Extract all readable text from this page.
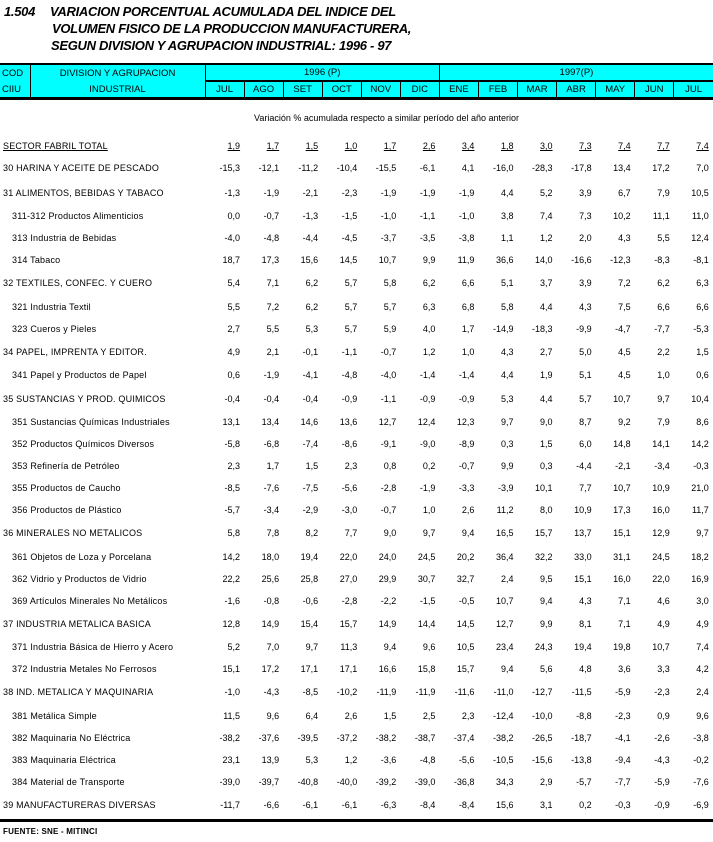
1.504 VARIACION PORCENTUAL ACUMULADA DEL INDICE DEL
VOLUMEN FISICO DE LA PRODUCCION MANUFACTURERA,
SEGUN DIVISION Y AGRUPACION INDUSTRIAL: 1996 - 97
COD	DIVISION Y AGRUPACION	1996 (P)						1997(P)						
CIIU	INDUSTRIAL	JUL	AGO	SET	OCT	NOV	DIC	ENE	FEB	MAR	ABR	MAY	JUN	JUL
Variación % acumulada respecto a similar período del año anterior
SECTOR FABRIL TOTAL	1,9	1,7	1,5	1,0	1,7	2,6	3,4	1,8	3,0	7,3	7,4	7,7	7,4
30 HARINA Y ACEITE DE PESCADO	-15,3	-12,1	-11,2	-10,4	-15,5	-6,1	4,1	-16,0	-28,3	-17,8	13,4	17,2	7,0
31 ALIMENTOS, BEBIDAS Y TABACO	-1,3	-1,9	-2,1	-2,3	-1,9	-1,9	-1,9	4,4	5,2	3,9	6,7	7,9	10,5
311-312 Productos Alimenticios	0,0	-0,7	-1,3	-1,5	-1,0	-1,1	-1,0	3,8	7,4	7,3	10,2	11,1	11,0
313 Industria de Bebidas	-4,0	-4,8	-4,4	-4,5	-3,7	-3,5	-3,8	1,1	1,2	2,0	4,3	5,5	12,4
314 Tabaco	18,7	17,3	15,6	14,5	10,7	9,9	11,9	36,6	14,0	-16,6	-12,3	-8,3	-8,1
32 TEXTILES, CONFEC. Y CUERO	5,4	7,1	6,2	5,7	5,8	6,2	6,6	5,1	3,7	3,9	7,2	6,2	6,3
321 Industria Textil	5,5	7,2	6,2	5,7	5,7	6,3	6,8	5,8	4,4	4,3	7,5	6,6	6,6
323 Cueros y Pieles	2,7	5,5	5,3	5,7	5,9	4,0	1,7	-14,9	-18,3	-9,9	-4,7	-7,7	-5,3
34 PAPEL, IMPRENTA Y EDITOR.	4,9	2,1	-0,1	-1,1	-0,7	1,2	1,0	4,3	2,7	5,0	4,5	2,2	1,5
341 Papel y Productos de Papel	0,6	-1,9	-4,1	-4,8	-4,0	-1,4	-1,4	4,4	1,9	5,1	4,5	1,0	0,6
35 SUSTANCIAS Y PROD. QUIMICOS	-0,4	-0,4	-0,4	-0,9	-1,1	-0,9	-0,9	5,3	4,4	5,7	10,7	9,7	10,4
351 Sustancias Químicas Industriales	13,1	13,4	14,6	13,6	12,7	12,4	12,3	9,7	9,0	8,7	9,2	7,9	8,6
352 Productos Químicos Diversos	-5,8	-6,8	-7,4	-8,6	-9,1	-9,0	-8,9	0,3	1,5	6,0	14,8	14,1	14,2
353 Refinería de Petróleo	2,3	1,7	1,5	2,3	0,8	0,2	-0,7	9,9	0,3	-4,4	-2,1	-3,4	-0,3
355 Productos de Caucho	-8,5	-7,6	-7,5	-5,6	-2,8	-1,9	-3,3	-3,9	10,1	7,7	10,7	10,9	21,0
356 Productos de Plástico	-5,7	-3,4	-2,9	-3,0	-0,7	1,0	2,6	11,2	8,0	10,9	17,3	16,0	11,7
36 MINERALES NO METALICOS	5,8	7,8	8,2	7,7	9,0	9,7	9,4	16,5	15,7	13,7	15,1	12,9	9,7
361 Objetos de Loza y Porcelana	14,2	18,0	19,4	22,0	24,0	24,5	20,2	36,4	32,2	33,0	31,1	24,5	18,2
362 Vidrio y Productos de Vidrio	22,2	25,6	25,8	27,0	29,9	30,7	32,7	2,4	9,5	15,1	16,0	22,0	16,9
369 Artículos Minerales No Metálicos	-1,6	-0,8	-0,6	-2,8	-2,2	-1,5	-0,5	10,7	9,4	4,3	7,1	4,6	3,0
37 INDUSTRIA METALICA BASICA	12,8	14,9	15,4	15,7	14,9	14,4	14,5	12,7	9,9	8,1	7,1	4,9	4,9
371 Industria Básica de Hierro y Acero	5,2	7,0	9,7	11,3	9,4	9,6	10,5	23,4	24,3	19,4	19,8	10,7	7,4
372 Industria Metales No Ferrosos	15,1	17,2	17,1	17,1	16,6	15,8	15,7	9,4	5,6	4,8	3,6	3,3	4,2
38 IND. METALICA Y MAQUINARIA	-1,0	-4,3	-8,5	-10,2	-11,9	-11,9	-11,6	-11,0	-12,7	-11,5	-5,9	-2,3	2,4
381 Metálica Simple	11,5	9,6	6,4	2,6	1,5	2,5	2,3	-12,4	-10,0	-8,8	-2,3	0,9	9,6
382 Maquinaria No Eléctrica	-38,2	-37,6	-39,5	-37,2	-38,2	-38,7	-37,4	-38,2	-26,5	-18,7	-4,1	-2,6	-3,8
383 Maquinaria Eléctrica	23,1	13,9	5,3	1,2	-3,6	-4,8	-5,6	-10,5	-15,6	-13,8	-9,4	-4,3	-0,2
384 Material de Transporte	-39,0	-39,7	-40,8	-40,0	-39,2	-39,0	-36,8	34,3	2,9	-5,7	-7,7	-5,9	-7,6
39 MANUFACTURERAS DIVERSAS	-11,7	-6,6	-6,1	-6,1	-6,3	-8,4	-8,4	15,6	3,1	0,2	-0,3	-0,9	-6,9
FUENTE: SNE - MITINCI
